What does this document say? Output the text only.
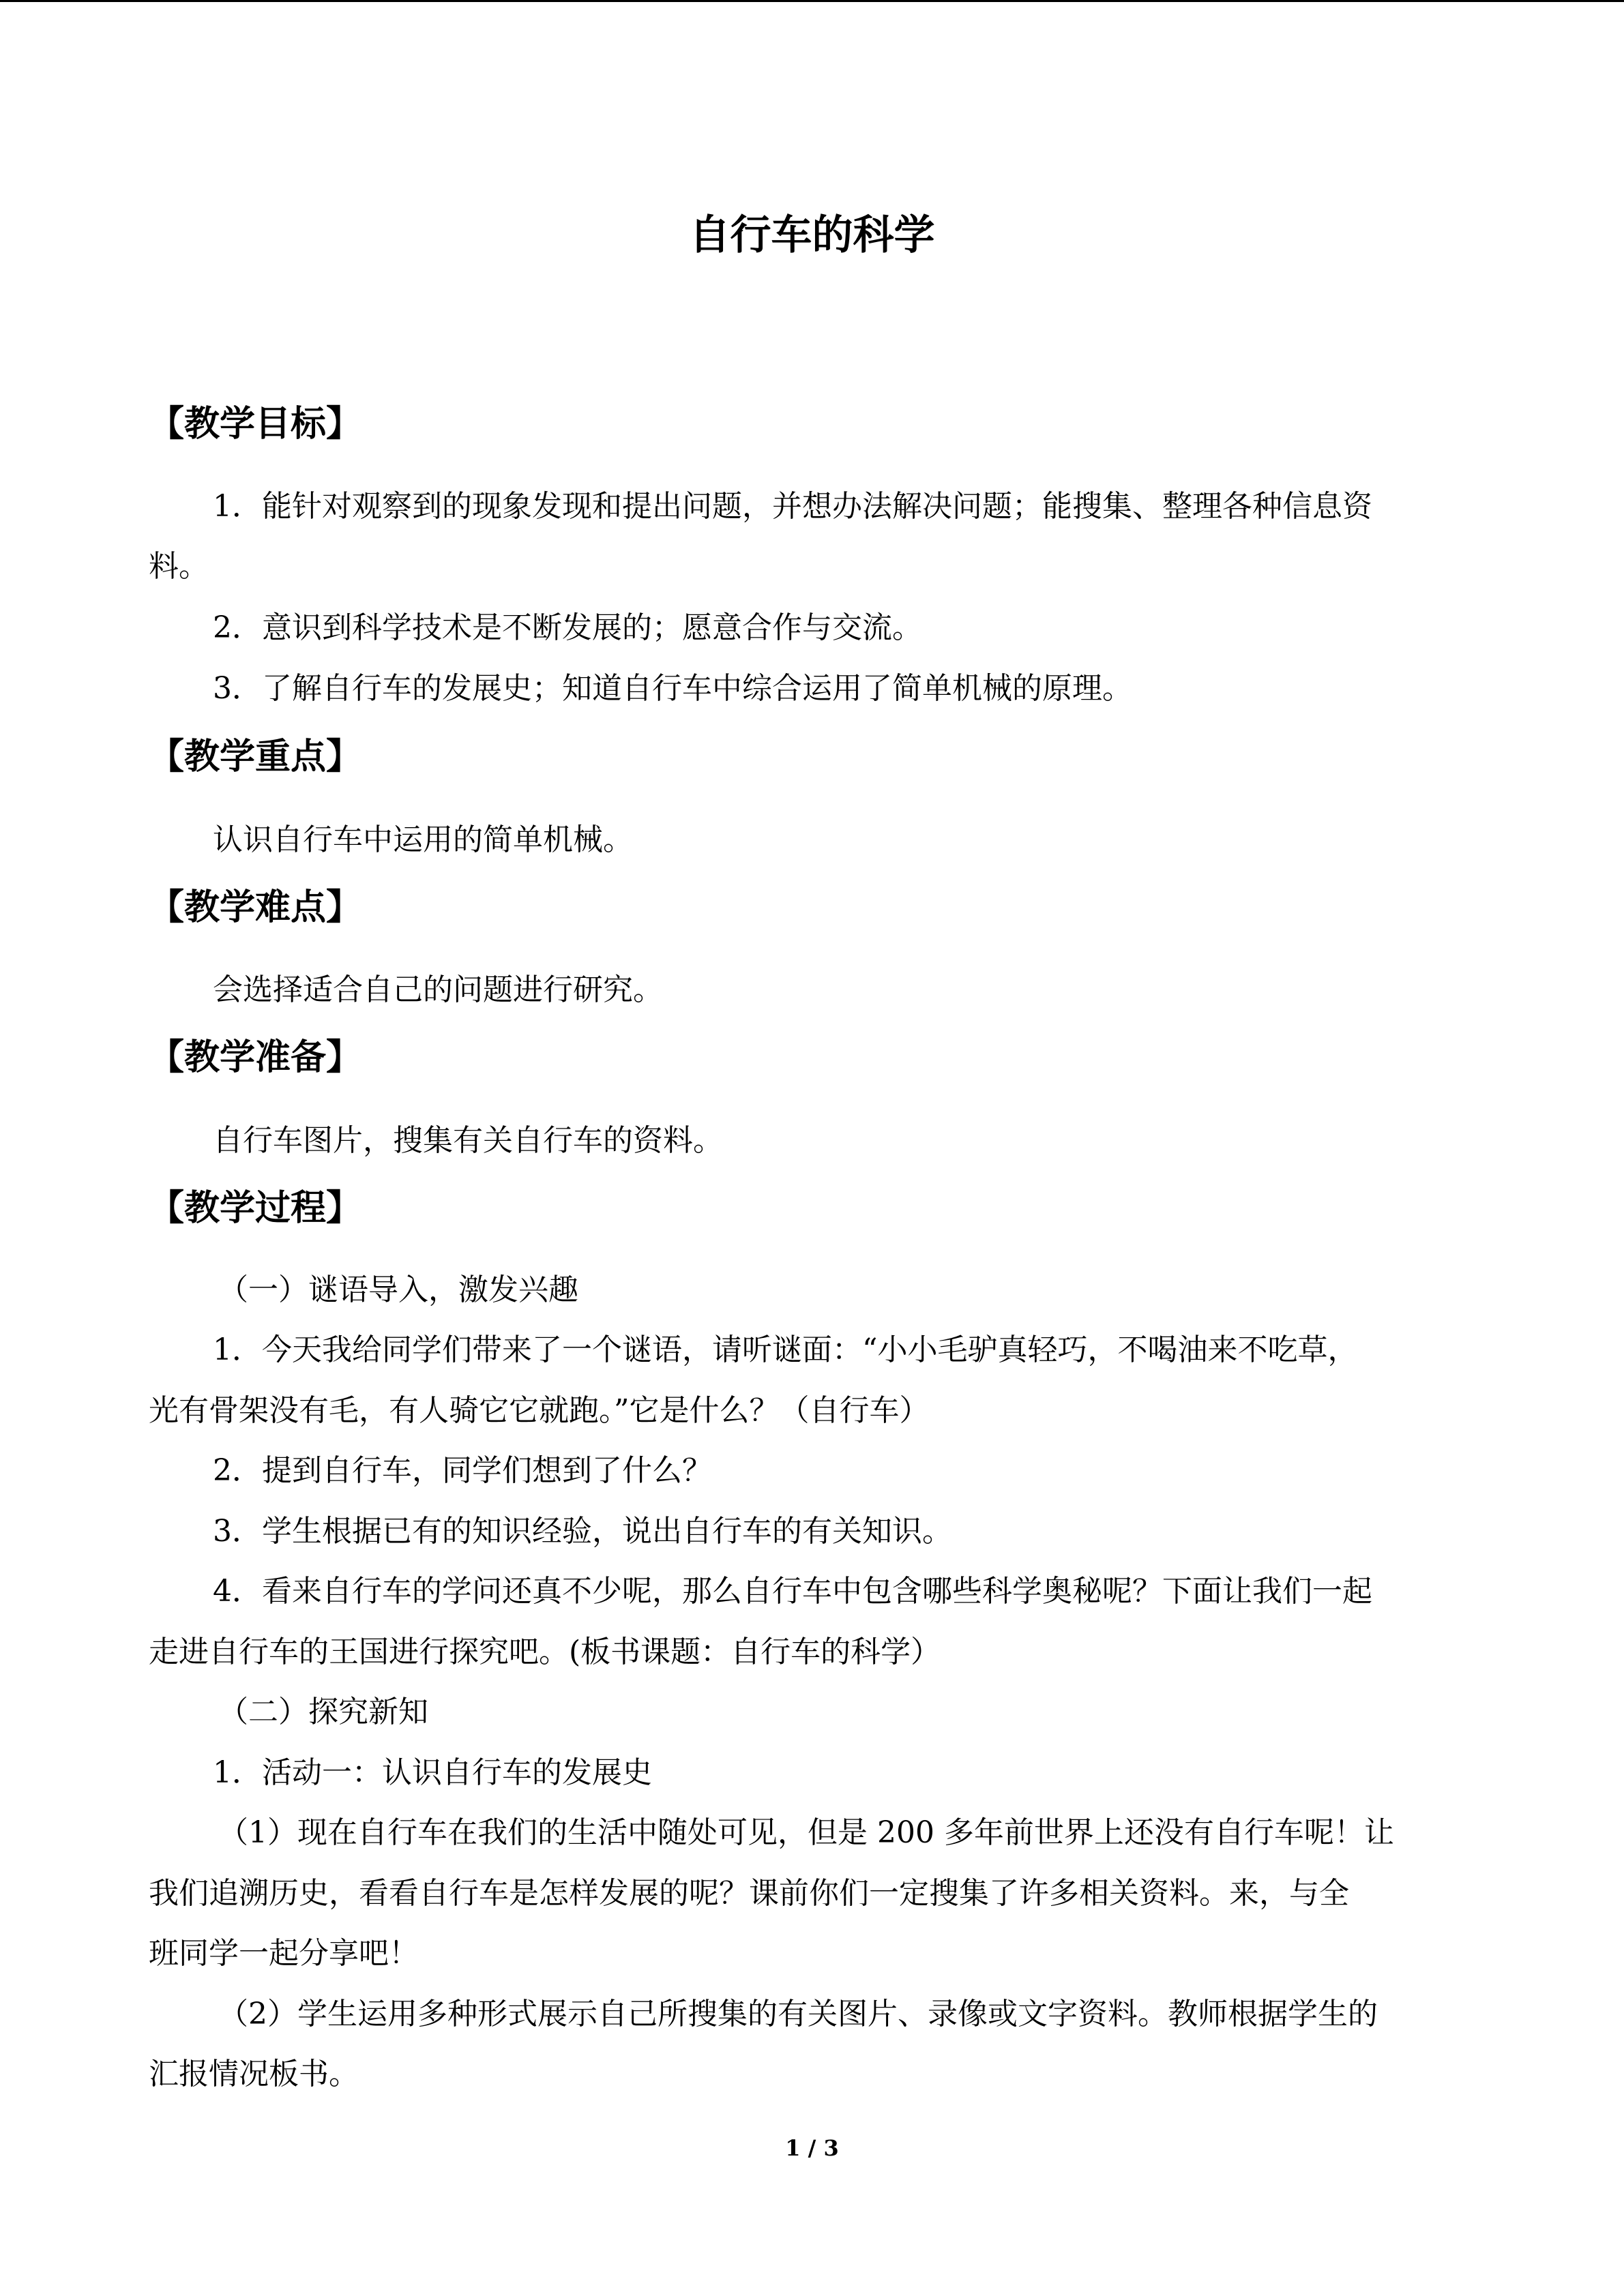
自行车的科学
【教学目标】
1．能针对观察到的现象发现和提出问题，并想办法解决问题；能搜集、整理各种信息资
料。
2．意识到科学技术是不断发展的；愿意合作与交流。
3．了解自行车的发展史；知道自行车中综合运用了简单机械的原理。
【教学重点】
认识自行车中运用的简单机械。
【教学难点】
会选择适合自己的问题进行研究。
【教学准备】
自行车图片，搜集有关自行车的资料。
【教学过程】
（一）谜语导入，激发兴趣
1．今天我给同学们带来了一个谜语，请听谜面：“小小毛驴真轻巧，不喝油来不吃草，
光有骨架没有毛，有人骑它它就跑。”它是什么？（自行车）
2．提到自行车，同学们想到了什么？
3．学生根据已有的知识经验，说出自行车的有关知识。
4．看来自行车的学问还真不少呢，那么自行车中包含哪些科学奥秘呢？下面让我们一起
走进自行车的王国进行探究吧。(板书课题：自行车的科学）
（二）探究新知
1．活动一：认识自行车的发展史
（1）现在自行车在我们的生活中随处可见，但是 200 多年前世界上还没有自行车呢！让
我们追溯历史，看看自行车是怎样发展的呢？课前你们一定搜集了许多相关资料。来，与全
班同学一起分享吧！
（2）学生运用多种形式展示自己所搜集的有关图片、录像或文字资料。教师根据学生的
汇报情况板书。
1 / 3
